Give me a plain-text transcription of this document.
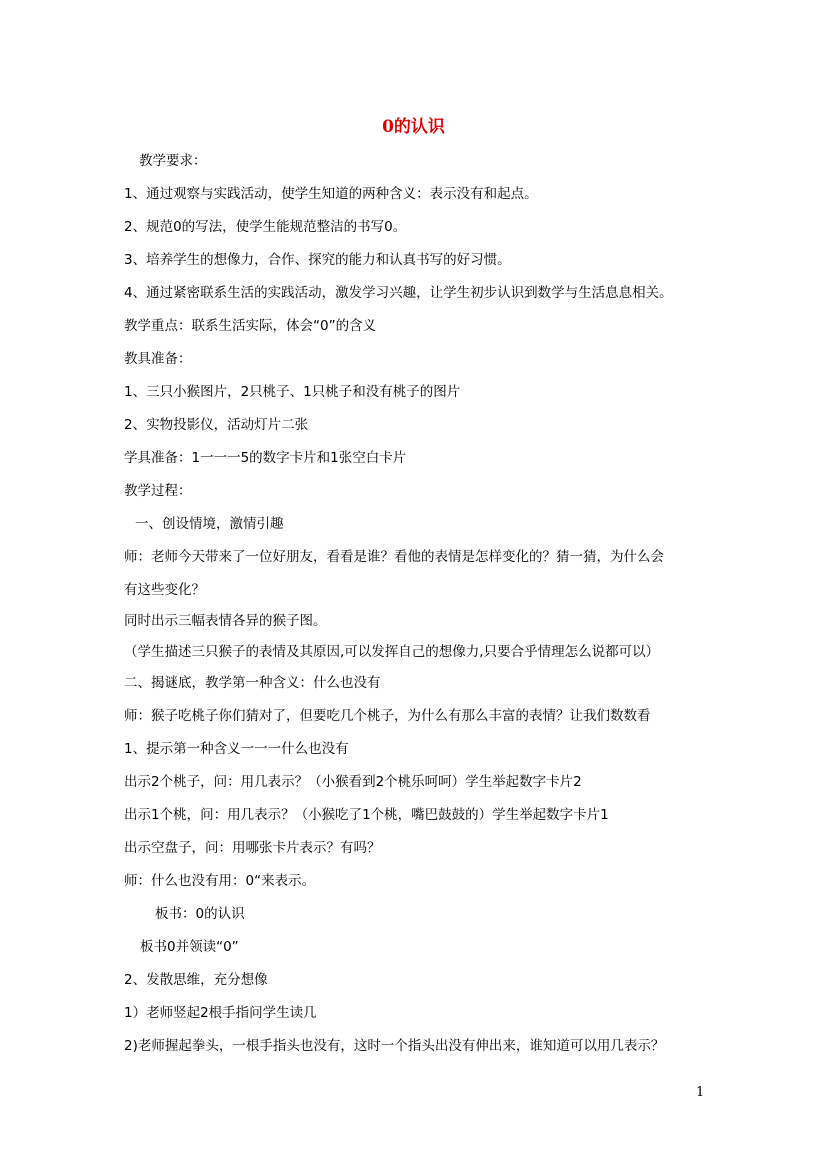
0的认识
教学要求：
1、通过观察与实践活动，使学生知道的两种含义：表示没有和起点。
2、规范0的写法，使学生能规范整洁的书写0。
3、培养学生的想像力，合作、探究的能力和认真书写的好习惯。
4、通过紧密联系生活的实践活动，激发学习兴趣，让学生初步认识到数学与生活息息相关。
教学重点：联系生活实际，体会“0”的含义
教具准备：
1、三只小猴图片，2只桃子、1只桃子和没有桃子的图片
2、实物投影仪，活动灯片二张
学具准备：1一一一5的数字卡片和1张空白卡片
教学过程：
一、创设情境，激情引趣
师：老师今天带来了一位好朋友，看看是谁？看他的表情是怎样变化的？猜一猜，为什么会
有这些变化？
同时出示三幅表情各异的猴子图。
（学生描述三只猴子的表情及其原因,可以发挥自己的想像力,只要合乎情理怎么说都可以）
二、揭谜底，教学第一种含义：什么也没有
师：猴子吃桃子你们猜对了，但要吃几个桃子，为什么有那么丰富的表情？让我们数数看
1、提示第一种含义一一一什么也没有
出示2个桃子，问：用几表示？（小猴看到2个桃乐呵呵）学生举起数字卡片2
出示1个桃，问：用几表示？（小猴吃了1个桃，嘴巴鼓鼓的）学生举起数字卡片1
出示空盘子，问：用哪张卡片表示？有吗？
师：什么也没有用：0“来表示。
板书：0的认识
板书0并领读“0”
2、发散思维，充分想像
1）老师竖起2根手指问学生读几
2)老师握起拳头，一根手指头也没有，这时一个指头出没有伸出来，谁知道可以用几表示？
1
